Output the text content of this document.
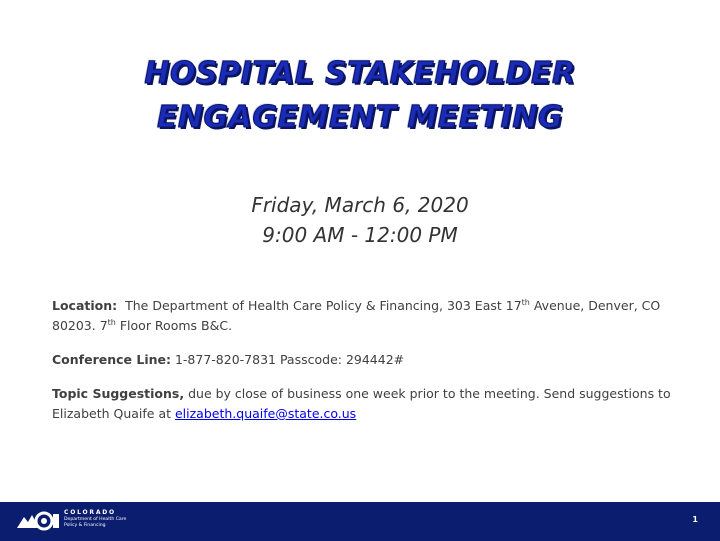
HOSPITAL STAKEHOLDER
ENGAGEMENT MEETING
Friday, March 6, 2020
9:00 AM - 12:00 PM

Location: The Department of Health Care Policy & Financing, 303 East 17th Avenue, Denver, CO 80203. 7th Floor Rooms B&C.

Conference Line: 1-877-820-7831 Passcode: 294442#

Topic Suggestions, due by close of business one week prior to the meeting. Send suggestions to Elizabeth Quaife at elizabeth.quaife@state.co.us

COLORADO
Department of Health Care
Policy & Financing
1
